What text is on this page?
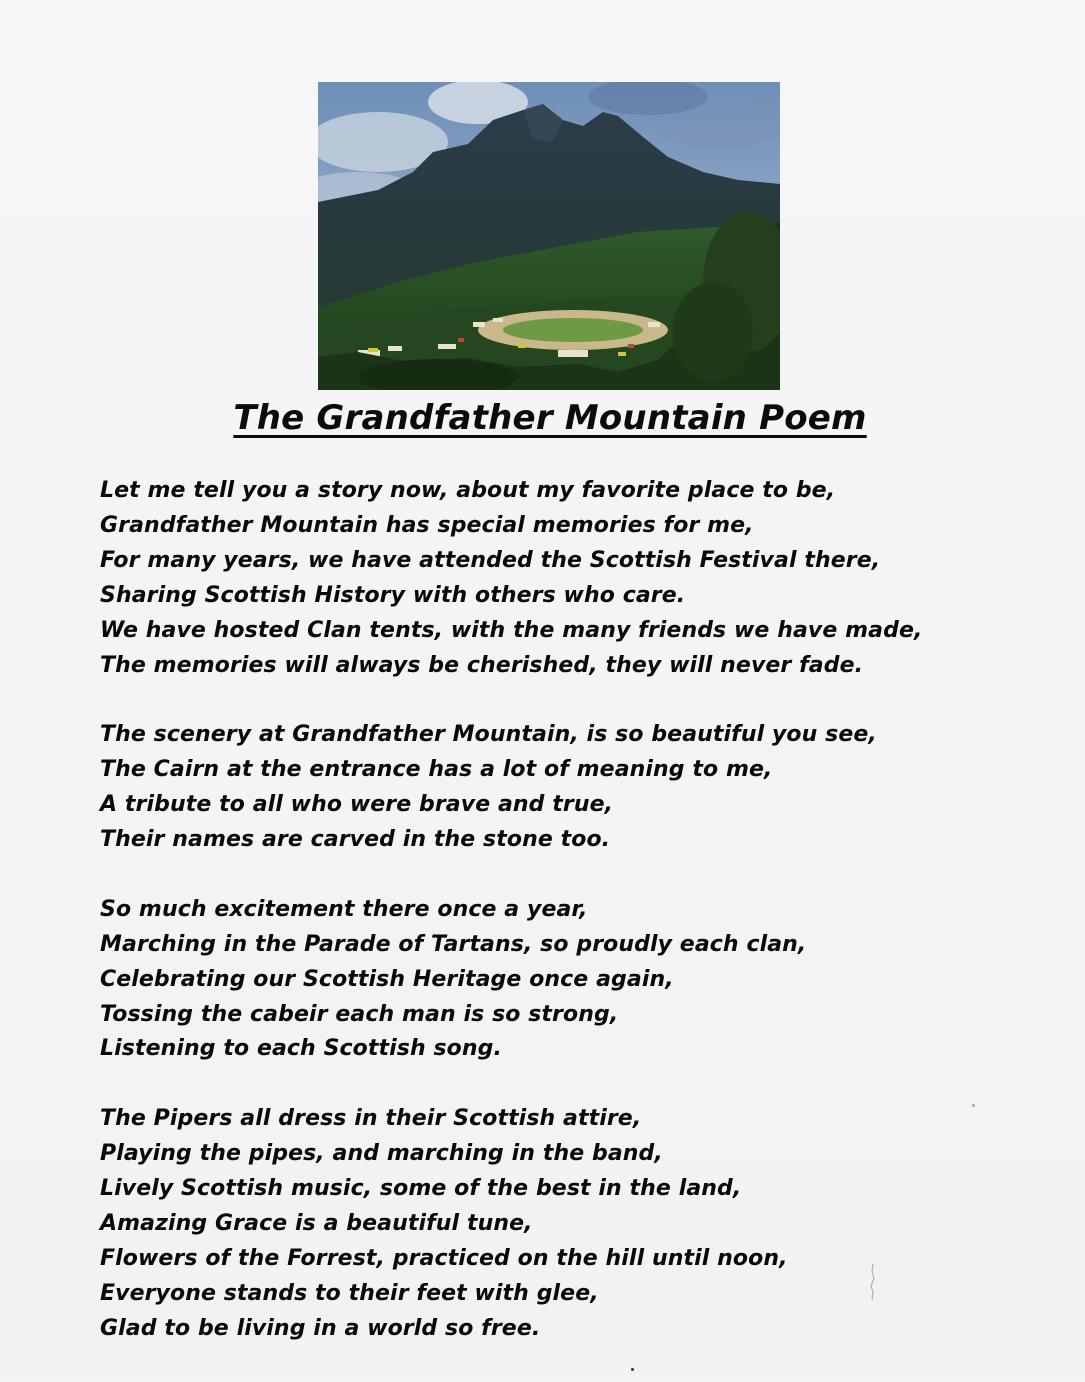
The Grandfather Mountain Poem
Let me tell you a story now, about my favorite place to be,
Grandfather Mountain has special memories for me,
For many years, we have attended the Scottish Festival there,
Sharing Scottish History with others who care.
We have hosted Clan tents, with the many friends we have made,
The memories will always be cherished, they will never fade.
The scenery at Grandfather Mountain, is so beautiful you see,
The Cairn at the entrance has a lot of meaning to me,
A tribute to all who were brave and true,
Their names are carved in the stone too.
So much excitement there once a year,
Marching in the Parade of Tartans, so proudly each clan,
Celebrating our Scottish Heritage once again,
Tossing the cabeir each man is so strong,
Listening to each Scottish song.
The Pipers all dress in their Scottish attire,
Playing the pipes, and marching in the band,
Lively Scottish music, some of the best in the land,
Amazing Grace is a beautiful tune,
Flowers of the Forrest, practiced on the hill until noon,
Everyone stands to their feet with glee,
Glad to be living in a world so free.
